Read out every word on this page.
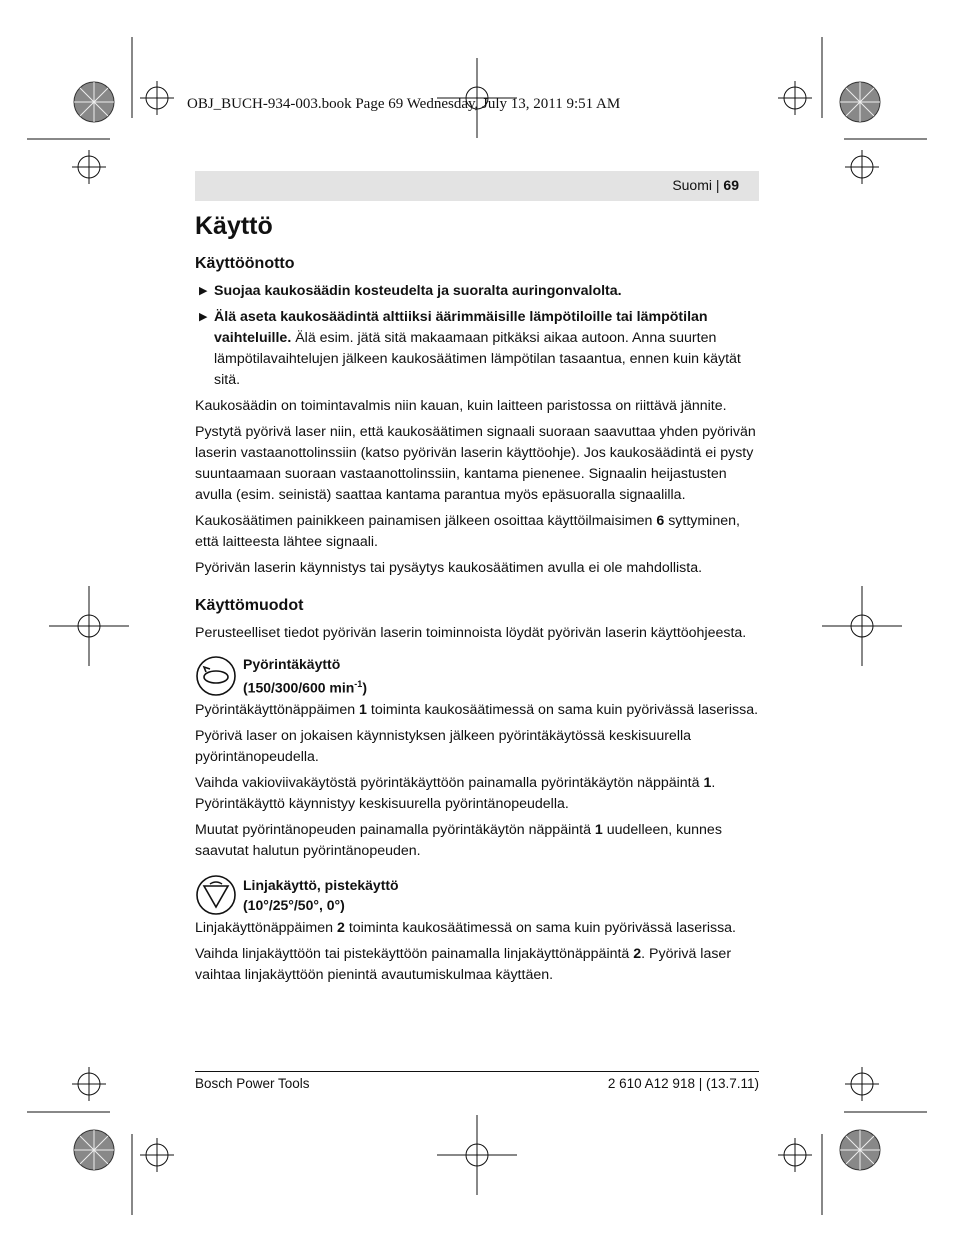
OBJ_BUCH-934-003.book Page 69 Wednesday, July 13, 2011 9:51 AM
Suomi | 69
Käyttö
Käyttöönotto
▶ Suojaa kaukosäädin kosteudelta ja suoralta auringonvalolta.
▶ Älä aseta kaukosäädintä alttiiksi äärimmäisille lämpötiloille tai lämpötilan vaihteluille. Älä esim. jätä sitä makaamaan pitkäksi aikaa autoon. Anna suurten lämpötilavaihtelujen jälkeen kaukosäätimen lämpötilan tasaantua, ennen kuin käytät sitä.

Kaukosäädin on toimintavalmis niin kauan, kuin laitteen paristossa on riittävä jännite.

Pystytä pyörivä laser niin, että kaukosäätimen signaali suoraan saavuttaa yhden pyörivän laserin vastaanottolinssiin (katso pyörivän laserin käyttöohje). Jos kaukosäädintä ei pysty suuntaamaan suoraan vastaanottolinssiin, kantama pienenee. Signaalin heijastusten avulla (esim. seinistä) saattaa kantama parantua myös epäsuoralla signaalilla.

Kaukosäätimen painikkeen painamisen jälkeen osoittaa käyttöilmaisimen 6 syttyminen, että laitteesta lähtee signaali.

Pyörivän laserin käynnistys tai pysäytys kaukosäätimen avulla ei ole mahdollista.

Käyttömuodot

Perusteelliset tiedot pyörivän laserin toiminnoista löydät pyörivän laserin käyttöohjeesta.

Pyörintäkäyttö
(150/300/600 $\min^{-1}$)

Pyörintäkäyttönäppäimen 1 toiminta kaukosäätimessä on sama kuin pyörivässä laserissa.

Pyörivä laser on jokaisen käynnistyksen jälkeen pyörintäkäytössä keskisuurella pyörintänopeudella.

Vaihda vakioviivakäytöstä pyörintäkäyttöön painamalla pyörintäkäytön näppäintä 1. Pyörintäkäyttö käynnistyy keskisuurella pyörintänopeudella.

Muutat pyörintänopeuden painamalla pyörintäkäytön näppäintä 1 uudelleen, kunnes saavutat halutun pyörintänopeuden.

Linjakäyttö, pistekäyttö
(10°/25°/50°, 0°)

Linjakäyttönäppäimen 2 toiminta kaukosäätimessä on sama kuin pyörivässä laserissa.

Vaihda linjakäyttöön tai pistekäyttöön painamalla linjakäyttönäppäintä 2. Pyörivä laser vaihtaa linjakäyttöön pienintä avautumiskulmaa käyttäen.

Bosch Power Tools	2 610 A12 918 | (13.7.11)
